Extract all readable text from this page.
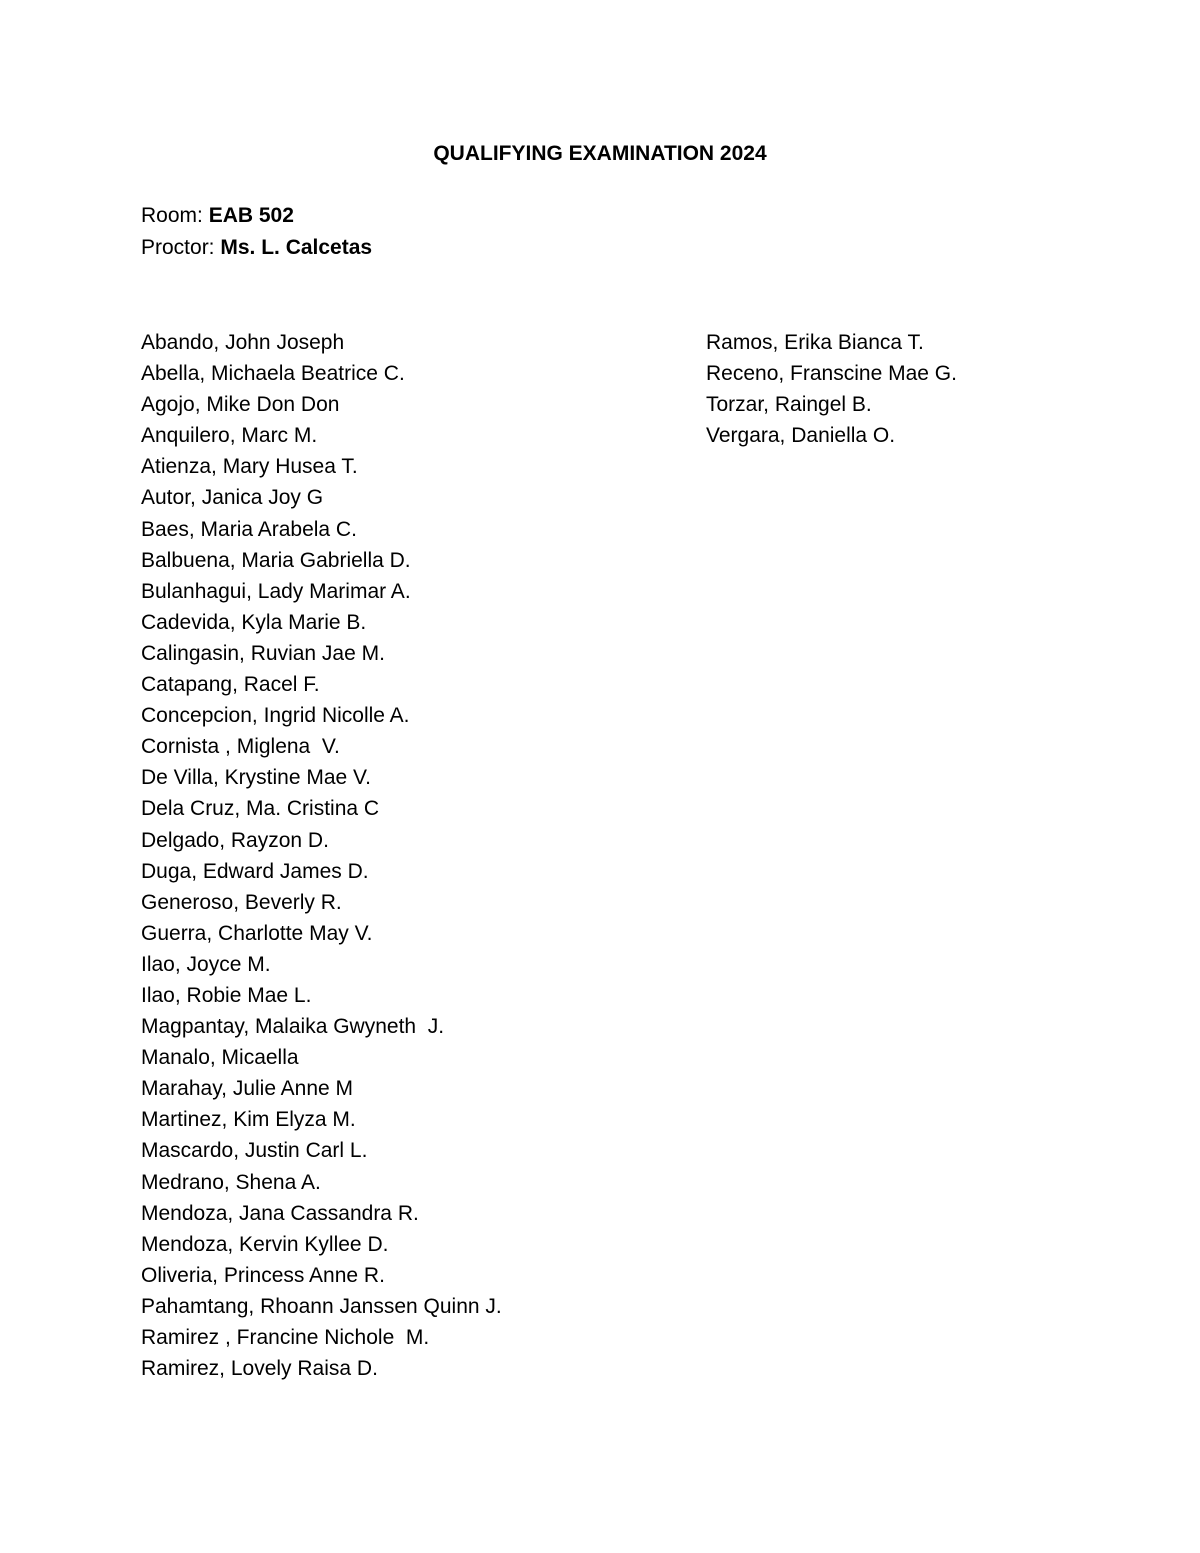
QUALIFYING EXAMINATION 2024
Room: EAB 502
Proctor: Ms. L. Calcetas
Abando, John Joseph
Abella, Michaela Beatrice C.
Agojo, Mike Don Don
Anquilero, Marc M.
Atienza, Mary Husea T.
Autor, Janica Joy G
Baes, Maria Arabela C.
Balbuena, Maria Gabriella D.
Bulanhagui, Lady Marimar A.
Cadevida, Kyla Marie B.
Calingasin, Ruvian Jae M.
Catapang, Racel F.
Concepcion, Ingrid Nicolle A.
Cornista , Miglena  V.
De Villa, Krystine Mae V.
Dela Cruz, Ma. Cristina C
Delgado, Rayzon D.
Duga, Edward James D.
Generoso, Beverly R.
Guerra, Charlotte May V.
Ilao, Joyce M.
Ilao, Robie Mae L.
Magpantay, Malaika Gwyneth  J.
Manalo, Micaella
Marahay, Julie Anne M
Martinez, Kim Elyza M.
Mascardo, Justin Carl L.
Medrano, Shena A.
Mendoza, Jana Cassandra R.
Mendoza, Kervin Kyllee D.
Oliveria, Princess Anne R.
Pahamtang, Rhoann Janssen Quinn J.
Ramirez , Francine Nichole  M.
Ramirez, Lovely Raisa D.
Ramos, Erika Bianca T.
Receno, Franscine Mae G.
Torzar, Raingel B.
Vergara, Daniella O.
